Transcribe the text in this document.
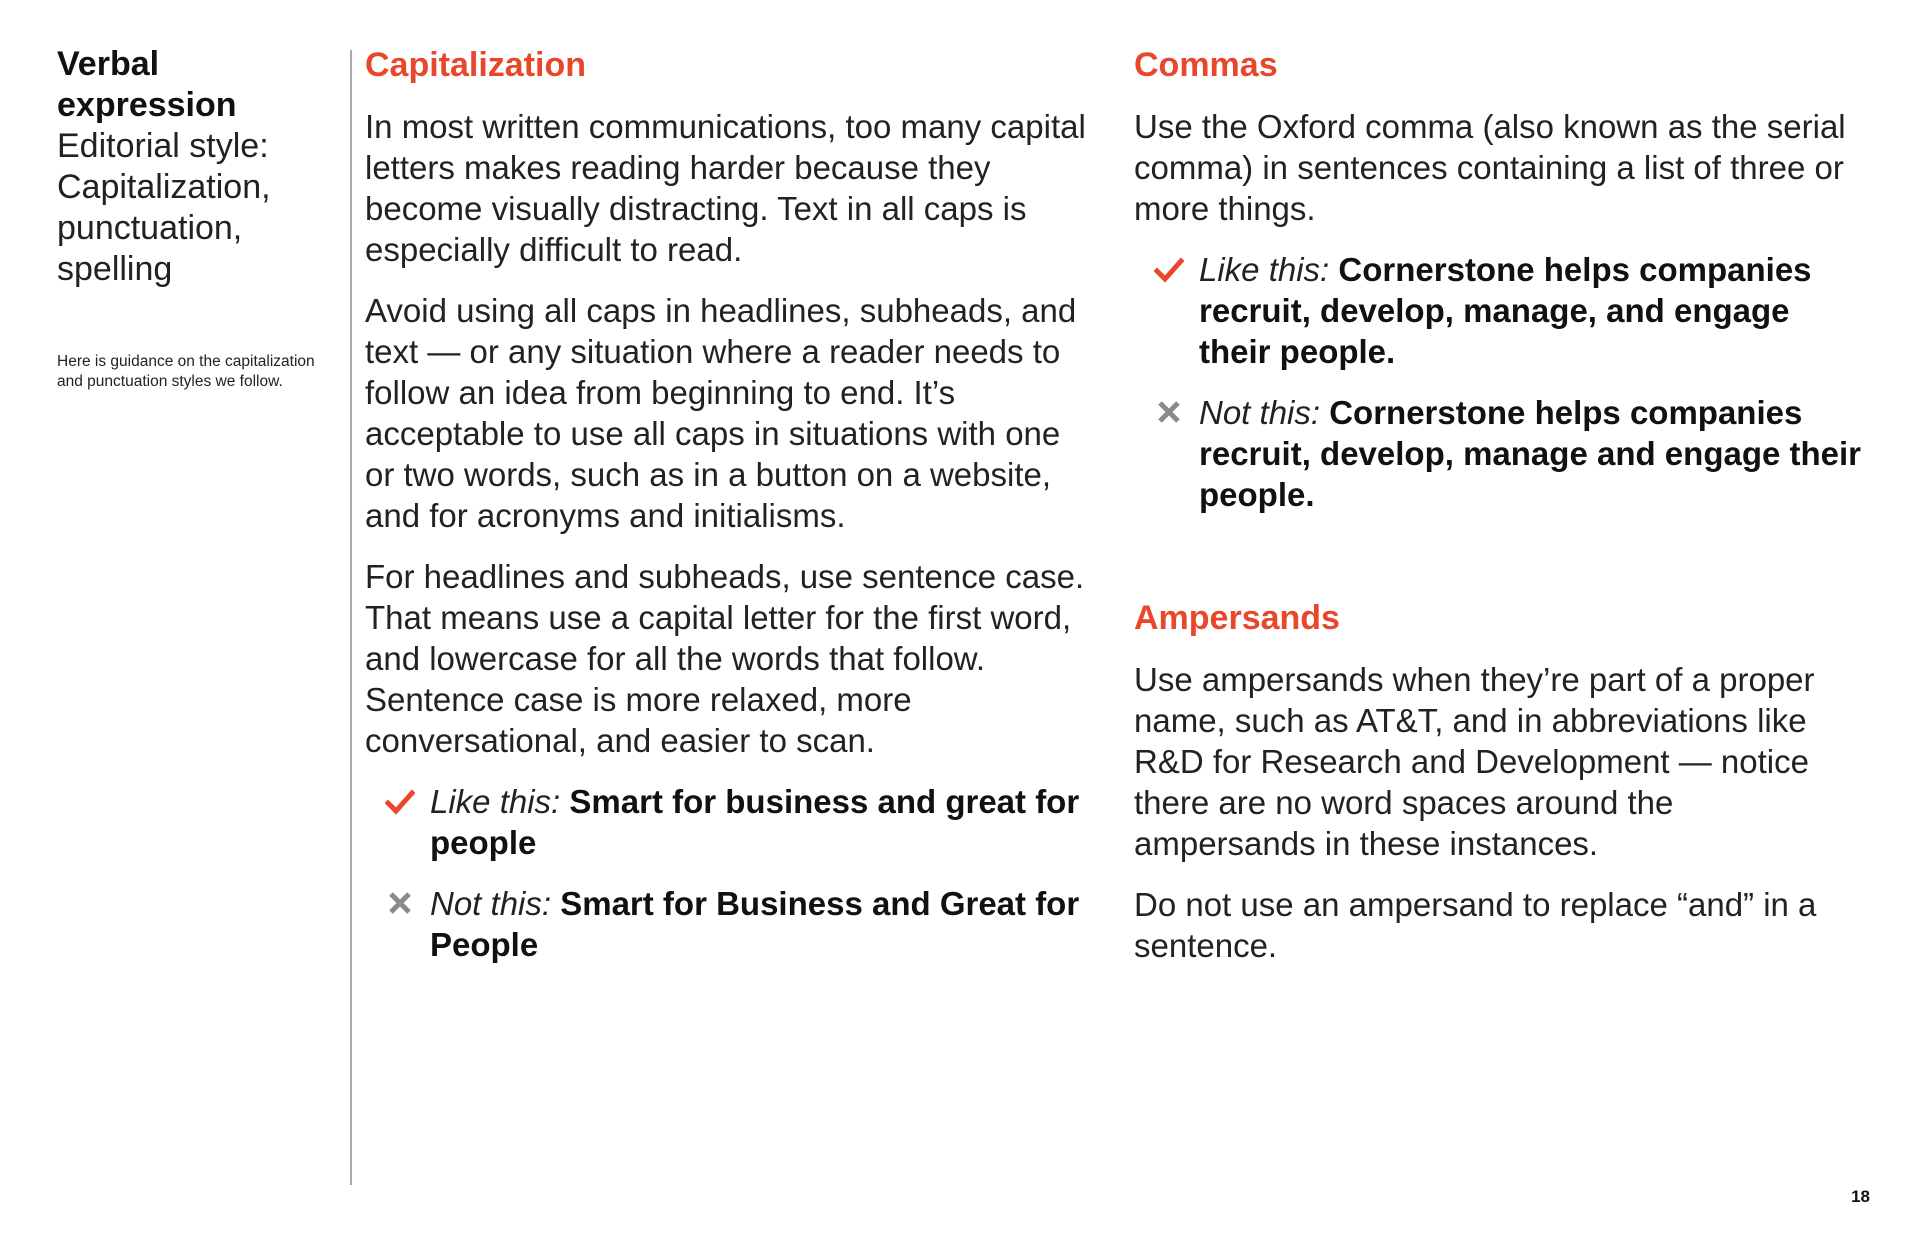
Verbal expression

Editorial style: Capitalization, punctuation, spelling

Here is guidance on the capitalization and punctuation styles we follow.

Capitalization

In most written communications, too many capital letters makes reading harder because they become visually distracting. Text in all caps is especially difficult to read.

Avoid using all caps in headlines, subheads, and text — or any situation where a reader needs to follow an idea from beginning to end. It’s acceptable to use all caps in situations with one or two words, such as in a button on a website, and for acronyms and initialisms.

For headlines and subheads, use sentence case. That means use a capital letter for the first word, and lowercase for all the words that follow. Sentence case is more relaxed, more conversational, and easier to scan.

Like this: Smart for business and great for people
Not this: Smart for Business and Great for People
Commas

Use the Oxford comma (also known as the serial comma) in sentences containing a list of three or more things.

Like this: Cornerstone helps companies recruit, develop, manage, and engage their people.
Not this: Cornerstone helps companies recruit, develop, manage and engage their people.
Ampersands

Use ampersands when they’re part of a proper name, such as AT&T, and in abbreviations like R&D for Research and Development — notice there are no word spaces around the ampersands in these instances.

Do not use an ampersand to replace “and” in a sentence.

18
